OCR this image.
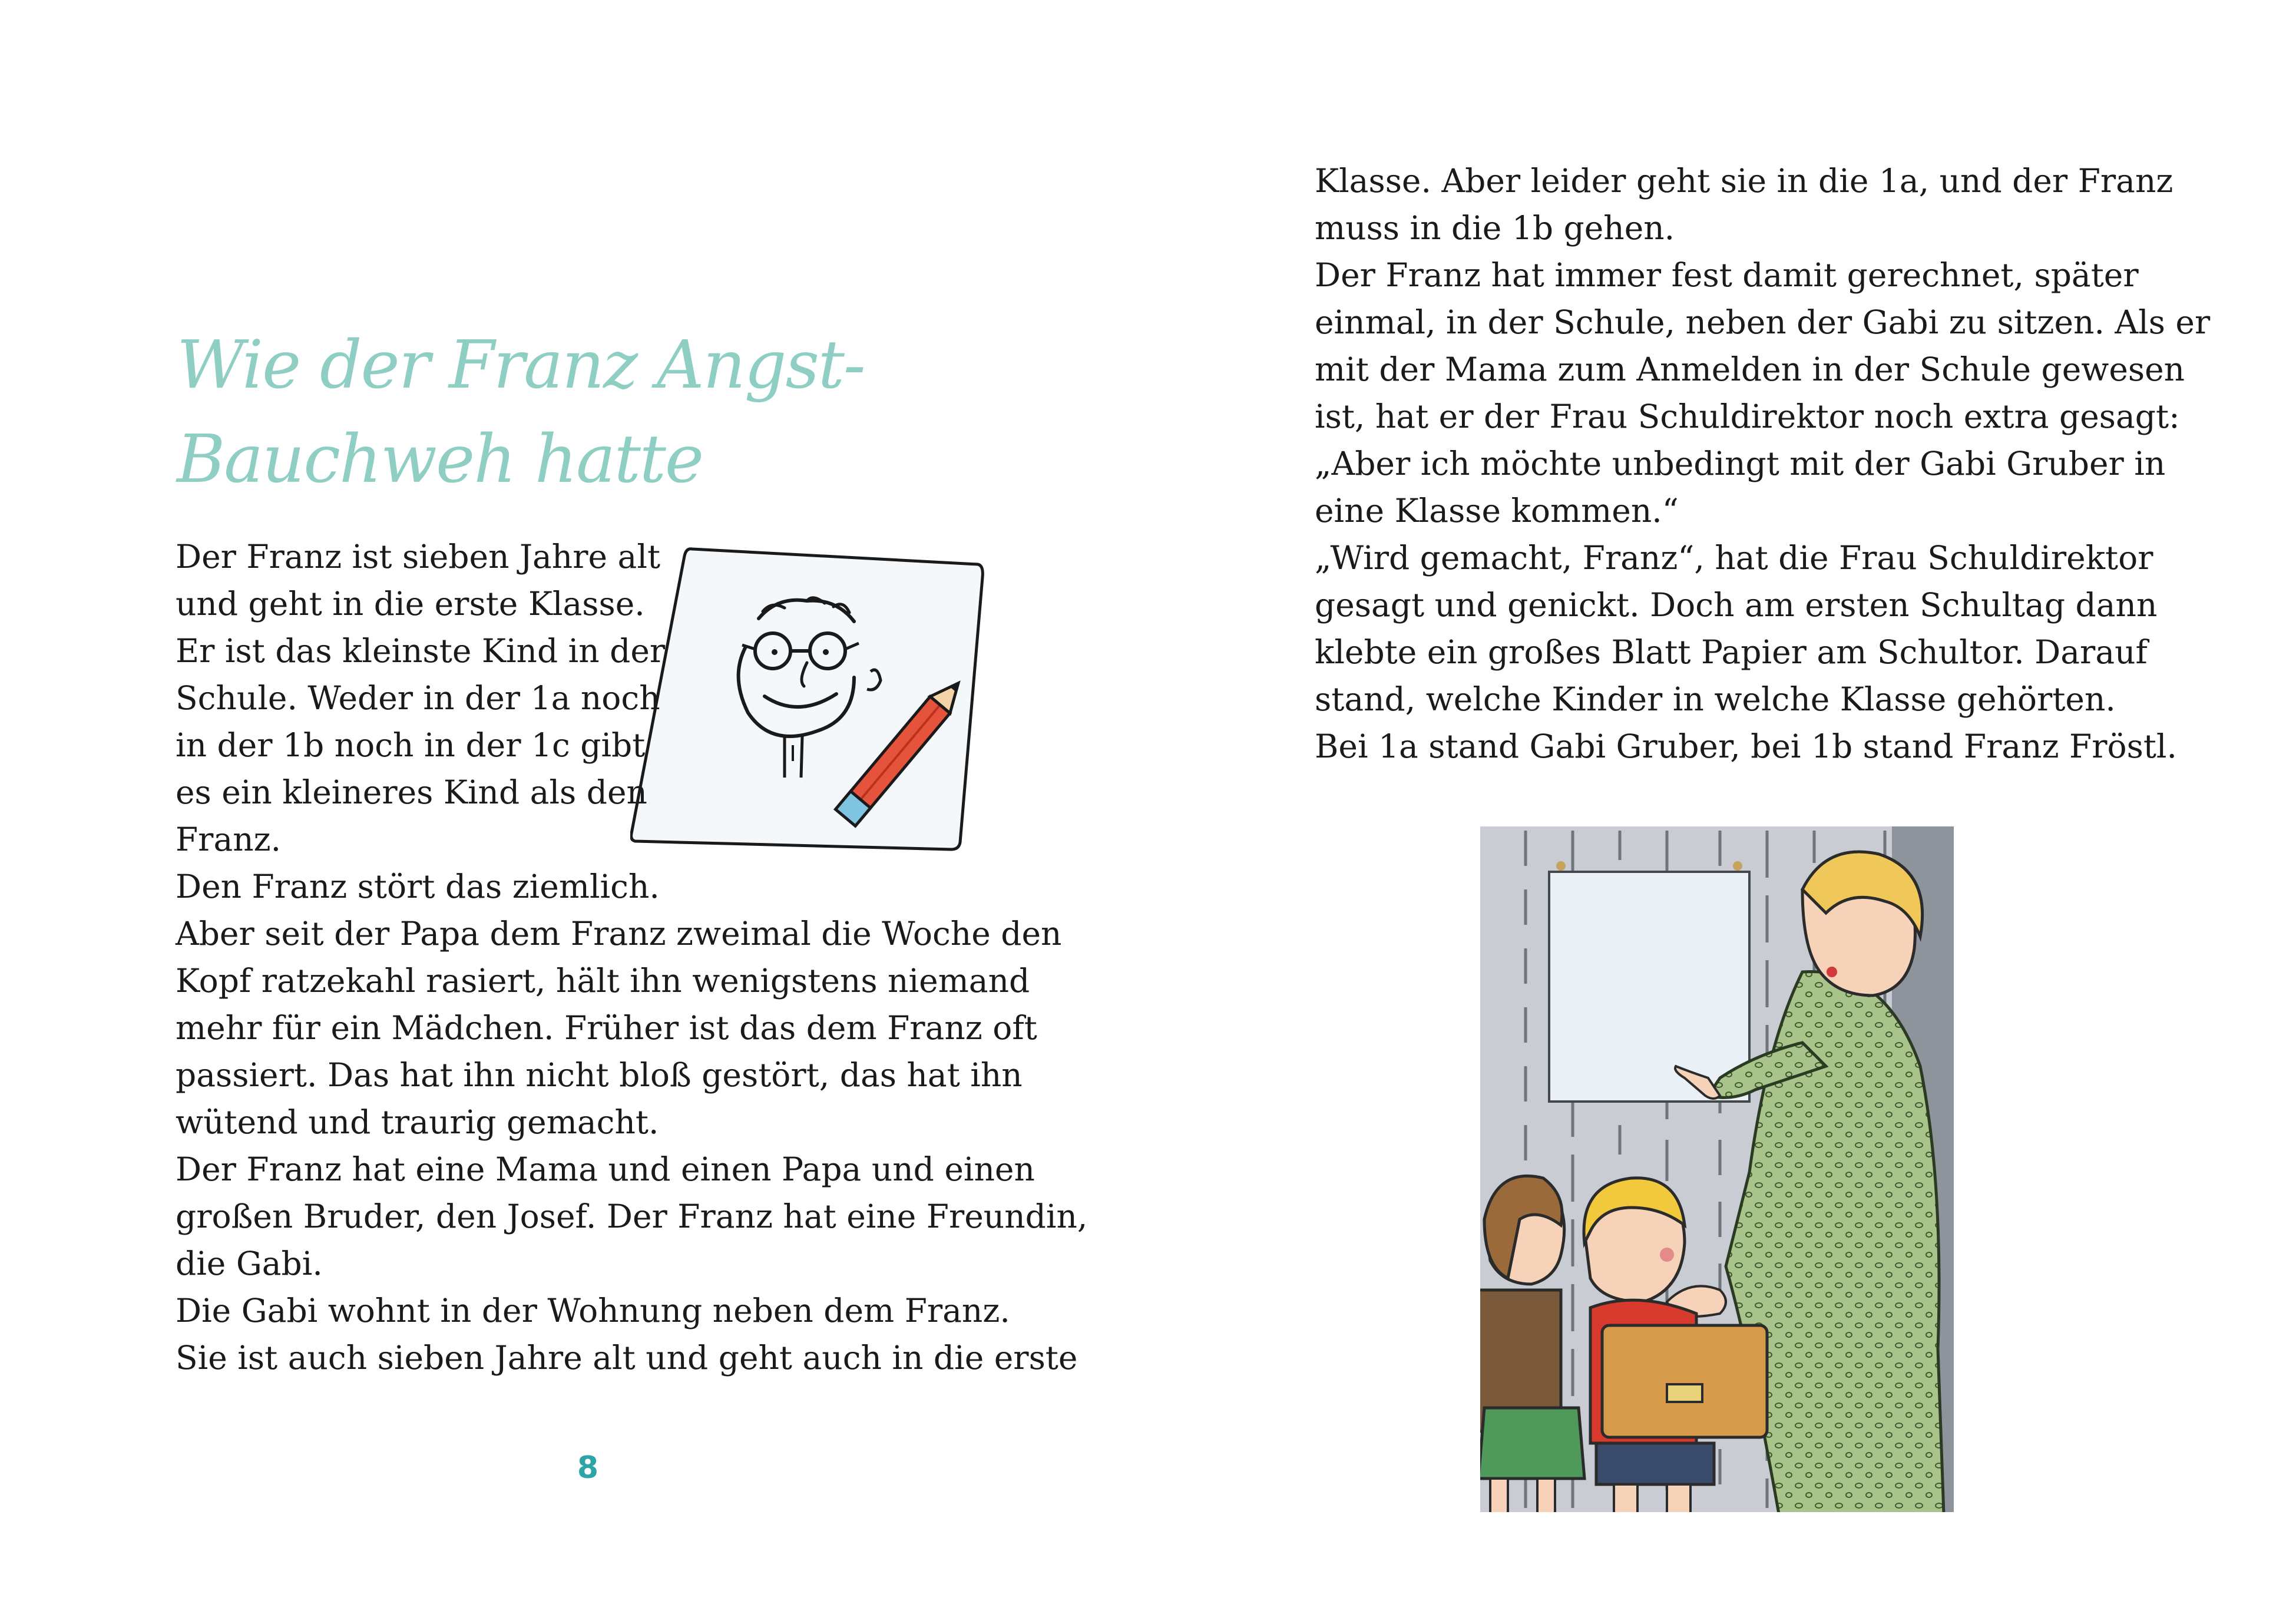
Wie der Franz Angst-
Bauchweh hatte
Der Franz ist sieben Jahre alt
und geht in die erste Klasse.
Er ist das kleinste Kind in der
Schule. Weder in der 1a noch
in der 1b noch in der 1c gibt
es ein kleineres Kind als den
Franz.
Den Franz stört das ziemlich.
Aber seit der Papa dem Franz zweimal die Woche den
Kopf ratzekahl rasiert, hält ihn wenigstens niemand
mehr für ein Mädchen. Früher ist das dem Franz oft
passiert. Das hat ihn nicht bloß gestört, das hat ihn
wütend und traurig gemacht.
Der Franz hat eine Mama und einen Papa und einen
großen Bruder, den Josef. Der Franz hat eine Freundin,
die Gabi.
Die Gabi wohnt in der Wohnung neben dem Franz.
Sie ist auch sieben Jahre alt und geht auch in die erste
8
Klasse. Aber leider geht sie in die 1a, und der Franz
muss in die 1b gehen.
Der Franz hat immer fest damit gerechnet, später
einmal, in der Schule, neben der Gabi zu sitzen. Als er
mit der Mama zum Anmelden in der Schule gewesen
ist, hat er der Frau Schuldirektor noch extra gesagt:
„Aber ich möchte unbedingt mit der Gabi Gruber in
eine Klasse kommen.“
„Wird gemacht, Franz“, hat die Frau Schuldirektor
gesagt und genickt. Doch am ersten Schultag dann
klebte ein großes Blatt Papier am Schultor. Darauf
stand, welche Kinder in welche Klasse gehörten.
Bei 1a stand Gabi Gruber, bei 1b stand Franz Fröstl.
